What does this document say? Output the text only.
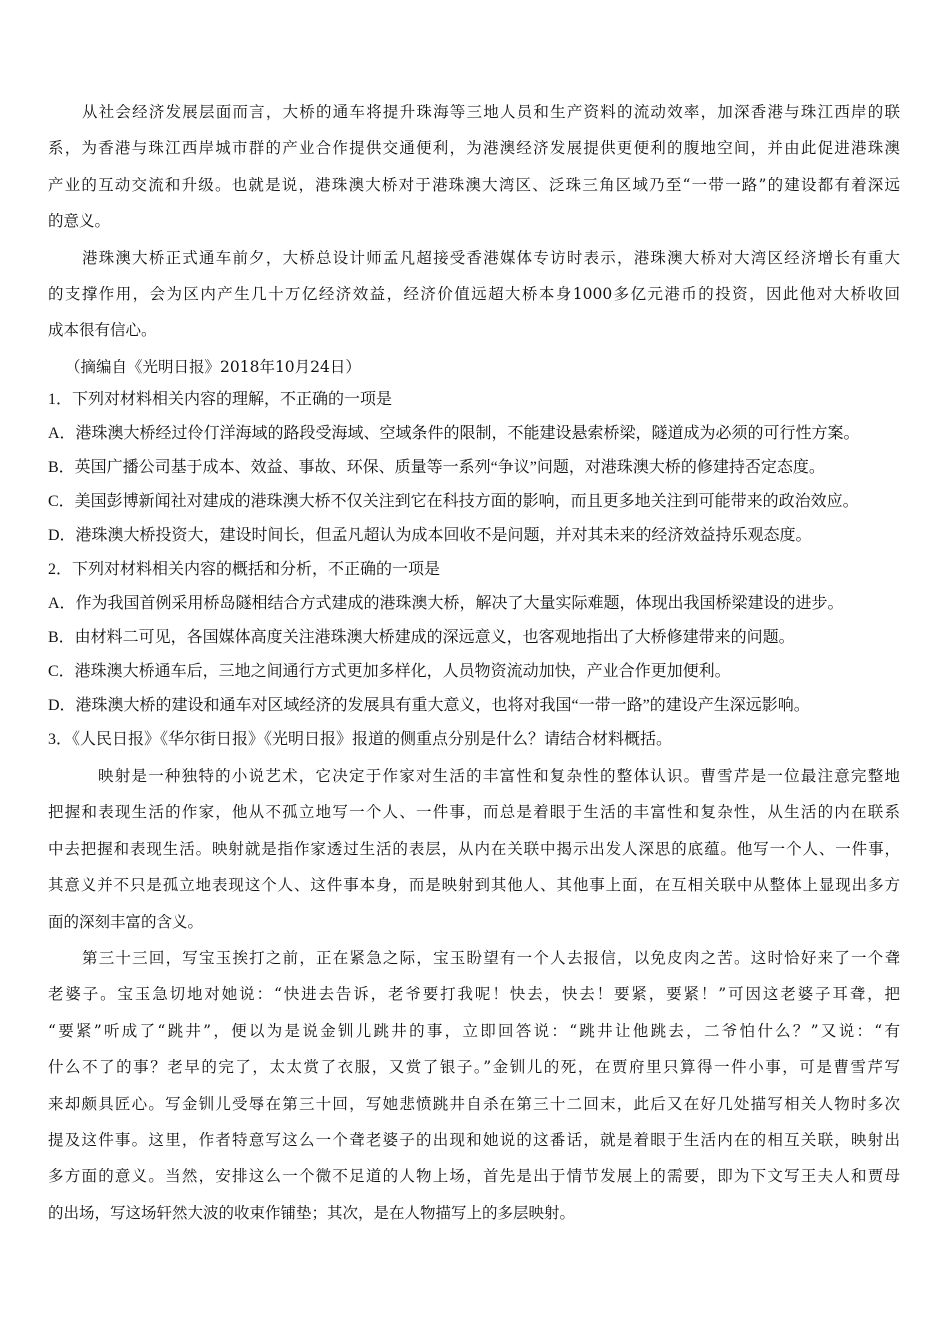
从社会经济发展层面而言，大桥的通车将提升珠海等三地人员和生产资料的流动效率，加深香港与珠江西岸的联
系，为香港与珠江西岸城市群的产业合作提供交通便利，为港澳经济发展提供更便利的腹地空间，并由此促进港珠澳
产业的互动交流和升级。也就是说，港珠澳大桥对于港珠澳大湾区、泛珠三角区域乃至“一带一路”的建设都有着深远
的意义。
港珠澳大桥正式通车前夕，大桥总设计师孟凡超接受香港媒体专访时表示，港珠澳大桥对大湾区经济增长有重大
的支撑作用，会为区内产生几十万亿经济效益，经济价值远超大桥本身1000多亿元港币的投资，因此他对大桥收回
成本很有信心。
（摘编自《光明日报》2018年10月24日）
1．下列对材料相关内容的理解，不正确的一项是
A．港珠澳大桥经过伶仃洋海域的路段受海域、空域条件的限制，不能建设悬索桥梁，隧道成为必须的可行性方案。
B．英国广播公司基于成本、效益、事故、环保、质量等一系列“争议”问题，对港珠澳大桥的修建持否定态度。
C．美国彭博新闻社对建成的港珠澳大桥不仅关注到它在科技方面的影响，而且更多地关注到可能带来的政治效应。
D．港珠澳大桥投资大，建设时间长，但孟凡超认为成本回收不是问题，并对其未来的经济效益持乐观态度。
2．下列对材料相关内容的概括和分析，不正确的一项是
A．作为我国首例采用桥岛隧相结合方式建成的港珠澳大桥，解决了大量实际难题，体现出我国桥梁建设的进步。
B．由材料二可见，各国媒体高度关注港珠澳大桥建成的深远意义，也客观地指出了大桥修建带来的问题。
C．港珠澳大桥通车后，三地之间通行方式更加多样化，人员物资流动加快，产业合作更加便利。
D．港珠澳大桥的建设和通车对区域经济的发展具有重大意义，也将对我国“一带一路”的建设产生深远影响。
3．《人民日报》《华尔街日报》《光明日报》报道的侧重点分别是什么？请结合材料概括。
映射是一种独特的小说艺术，它决定于作家对生活的丰富性和复杂性的整体认识。曹雪芹是一位最注意完整地
把握和表现生活的作家，他从不孤立地写一个人、一件事，而总是着眼于生活的丰富性和复杂性，从生活的内在联系
中去把握和表现生活。映射就是指作家透过生活的表层，从内在关联中揭示出发人深思的底蕴。他写一个人、一件事，
其意义并不只是孤立地表现这个人、这件事本身，而是映射到其他人、其他事上面，在互相关联中从整体上显现出多方
面的深刻丰富的含义。
第三十三回，写宝玉挨打之前，正在紧急之际，宝玉盼望有一个人去报信，以免皮肉之苦。这时恰好来了一个聋
老婆子。宝玉急切地对她说：“快进去告诉，老爷要打我呢！快去，快去！要紧，要紧！”可因这老婆子耳聋，把
“要紧”听成了“跳井”，便以为是说金钏儿跳井的事，立即回答说：“跳井让他跳去，二爷怕什么？”又说：“有
什么不了的事？老早的完了，太太赏了衣服，又赏了银子。”金钏儿的死，在贾府里只算得一件小事，可是曹雪芹写
来却颇具匠心。写金钏儿受辱在第三十回，写她悲愤跳井自杀在第三十二回末，此后又在好几处描写相关人物时多次
提及这件事。这里，作者特意写这么一个聋老婆子的出现和她说的这番话，就是着眼于生活内在的相互关联，映射出
多方面的意义。当然，安排这么一个微不足道的人物上场，首先是出于情节发展上的需要，即为下文写王夫人和贾母
的出场，写这场轩然大波的收束作铺垫；其次，是在人物描写上的多层映射。
